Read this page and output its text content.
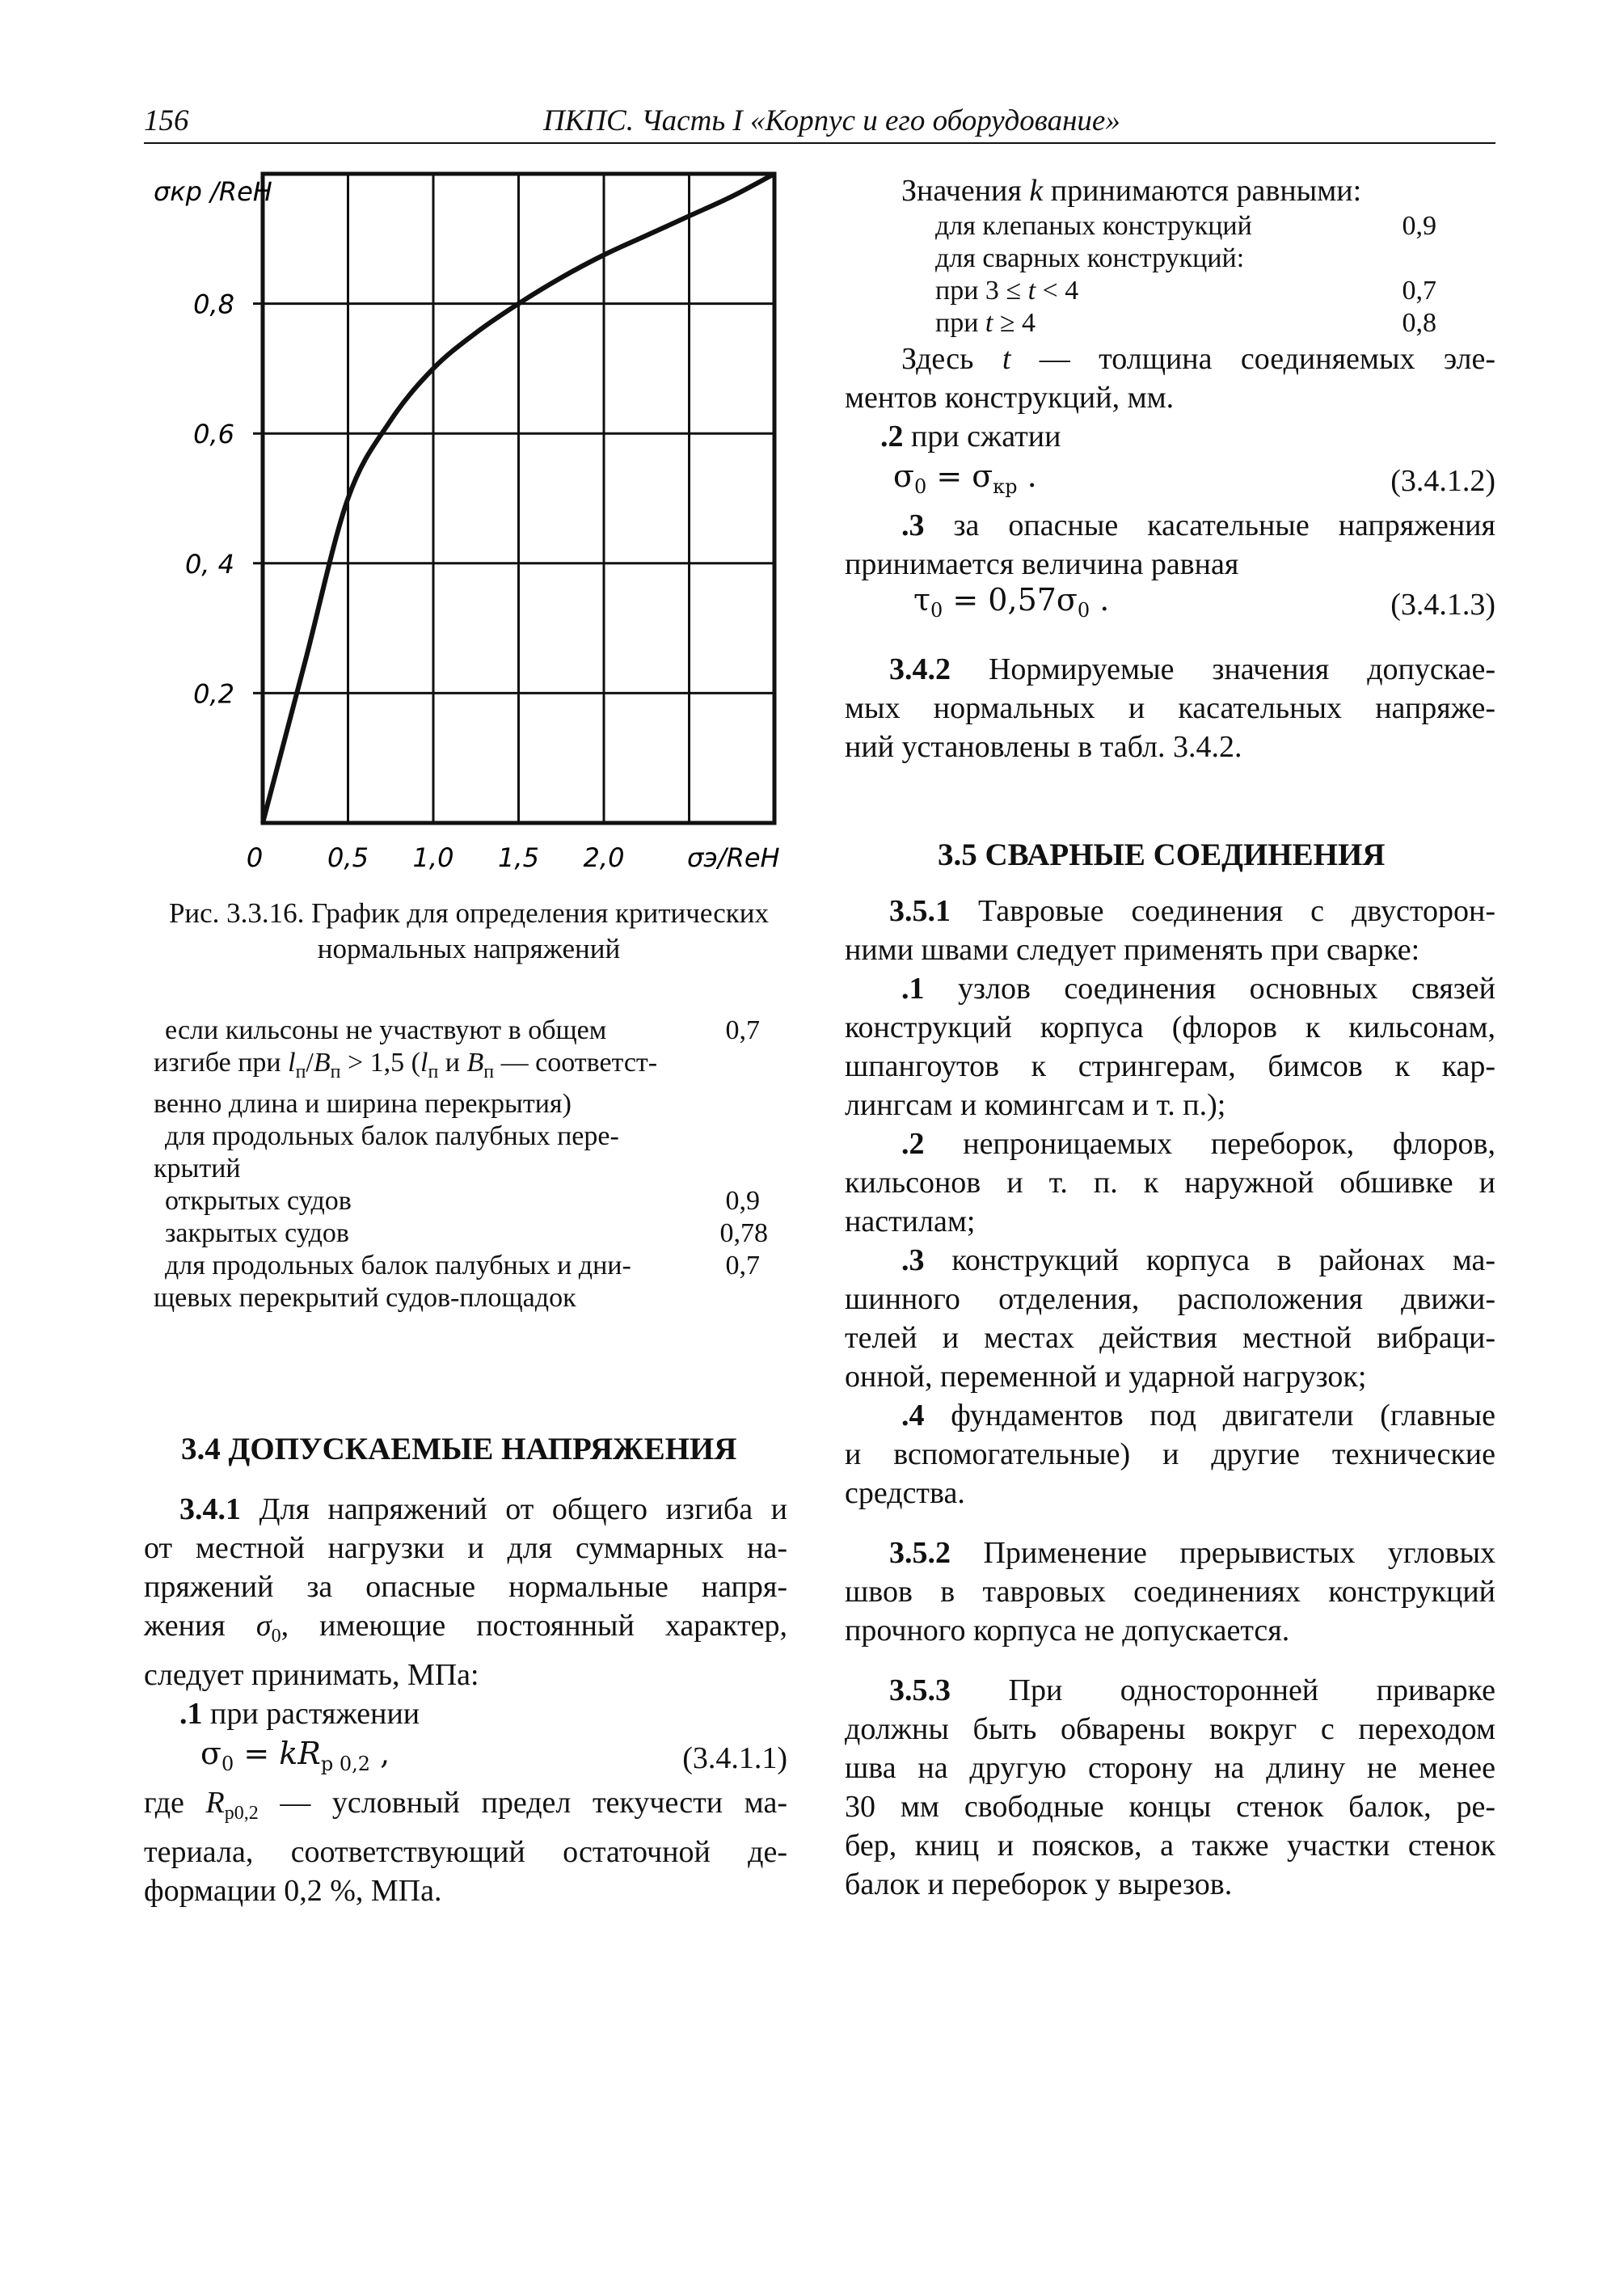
156	ПКПС. Часть I «Корпус и его оборудование»
σкр /ReH
σэ/ReH
0,8
0,6
0, 4
0,2
0 0,5 1,0 1,5 2,0
Рис. 3.3.16. График для определения критических
нормальных напряжений
если кильсоны не участвуют в общем	0,7
изгибе при $l_п/B_п > 1,5$ ($l_п$ и $B_п$ — соответст-
венно длина и ширина перекрытия)
для продольных балок палубных пере-
крытий
открытых судов	0,9
закрытых судов	0,78
для продольных балок палубных и дни-	0,7
щевых перекрытий судов-площадок
3.4 ДОПУСКАЕМЫЕ НАПРЯЖЕНИЯ
3.4.1 Для напряжений от общего изгиба и
от местной нагрузки и для суммарных на-
пряжений за опасные нормальные напря-
жения $\sigma_0$, имеющие постоянный характер,
следует принимать, МПа:
.1 при растяжении
$\sigma_0 = kR_{р 0,2}$ ,	(3.4.1.1)
где $R_{р0,2}$ — условный предел текучести ма-
териала, соответствующий остаточной де-
формации 0,2 %, МПа.
Значения k принимаются равными:
для клепаных конструкций	0,9
для сварных конструкций:
при 3 ≤ t < 4	0,7
при t ≥ 4	0,8
Здесь t — толщина соединяемых эле-
ментов конструкций, мм.
.2 при сжатии
$\sigma_0 = \sigma_{кр}$ .	(3.4.1.2)
.3 за опасные касательные напряжения
принимается величина равная
$\tau_0 = 0,57\sigma_0$ .	(3.4.1.3)
3.4.2 Нормируемые значения допускае-
мых нормальных и касательных напряже-
ний установлены в табл. 3.4.2.
3.5 СВАРНЫЕ СОЕДИНЕНИЯ
3.5.1 Тавровые соединения с двусторон-
ними швами следует применять при сварке:
.1 узлов соединения основных связей
конструкций корпуса (флоров к кильсонам,
шпангоутов к стрингерам, бимсов к кар-
лингсам и комингсам и т. п.);
.2 непроницаемых переборок, флоров,
кильсонов и т. п. к наружной обшивке и
настилам;
.3 конструкций корпуса в районах ма-
шинного отделения, расположения движи-
телей и местах действия местной вибраци-
онной, переменной и ударной нагрузок;
.4 фундаментов под двигатели (главные
и вспомогательные) и другие технические
средства.
3.5.2 Применение прерывистых угловых
швов в тавровых соединениях конструкций
прочного корпуса не допускается.
3.5.3 При односторонней приварке
должны быть обварены вокруг с переходом
шва на другую сторону на длину не менее
30 мм свободные концы стенок балок, ре-
бер, книц и поясков, а также участки стенок
балок и переборок у вырезов.
